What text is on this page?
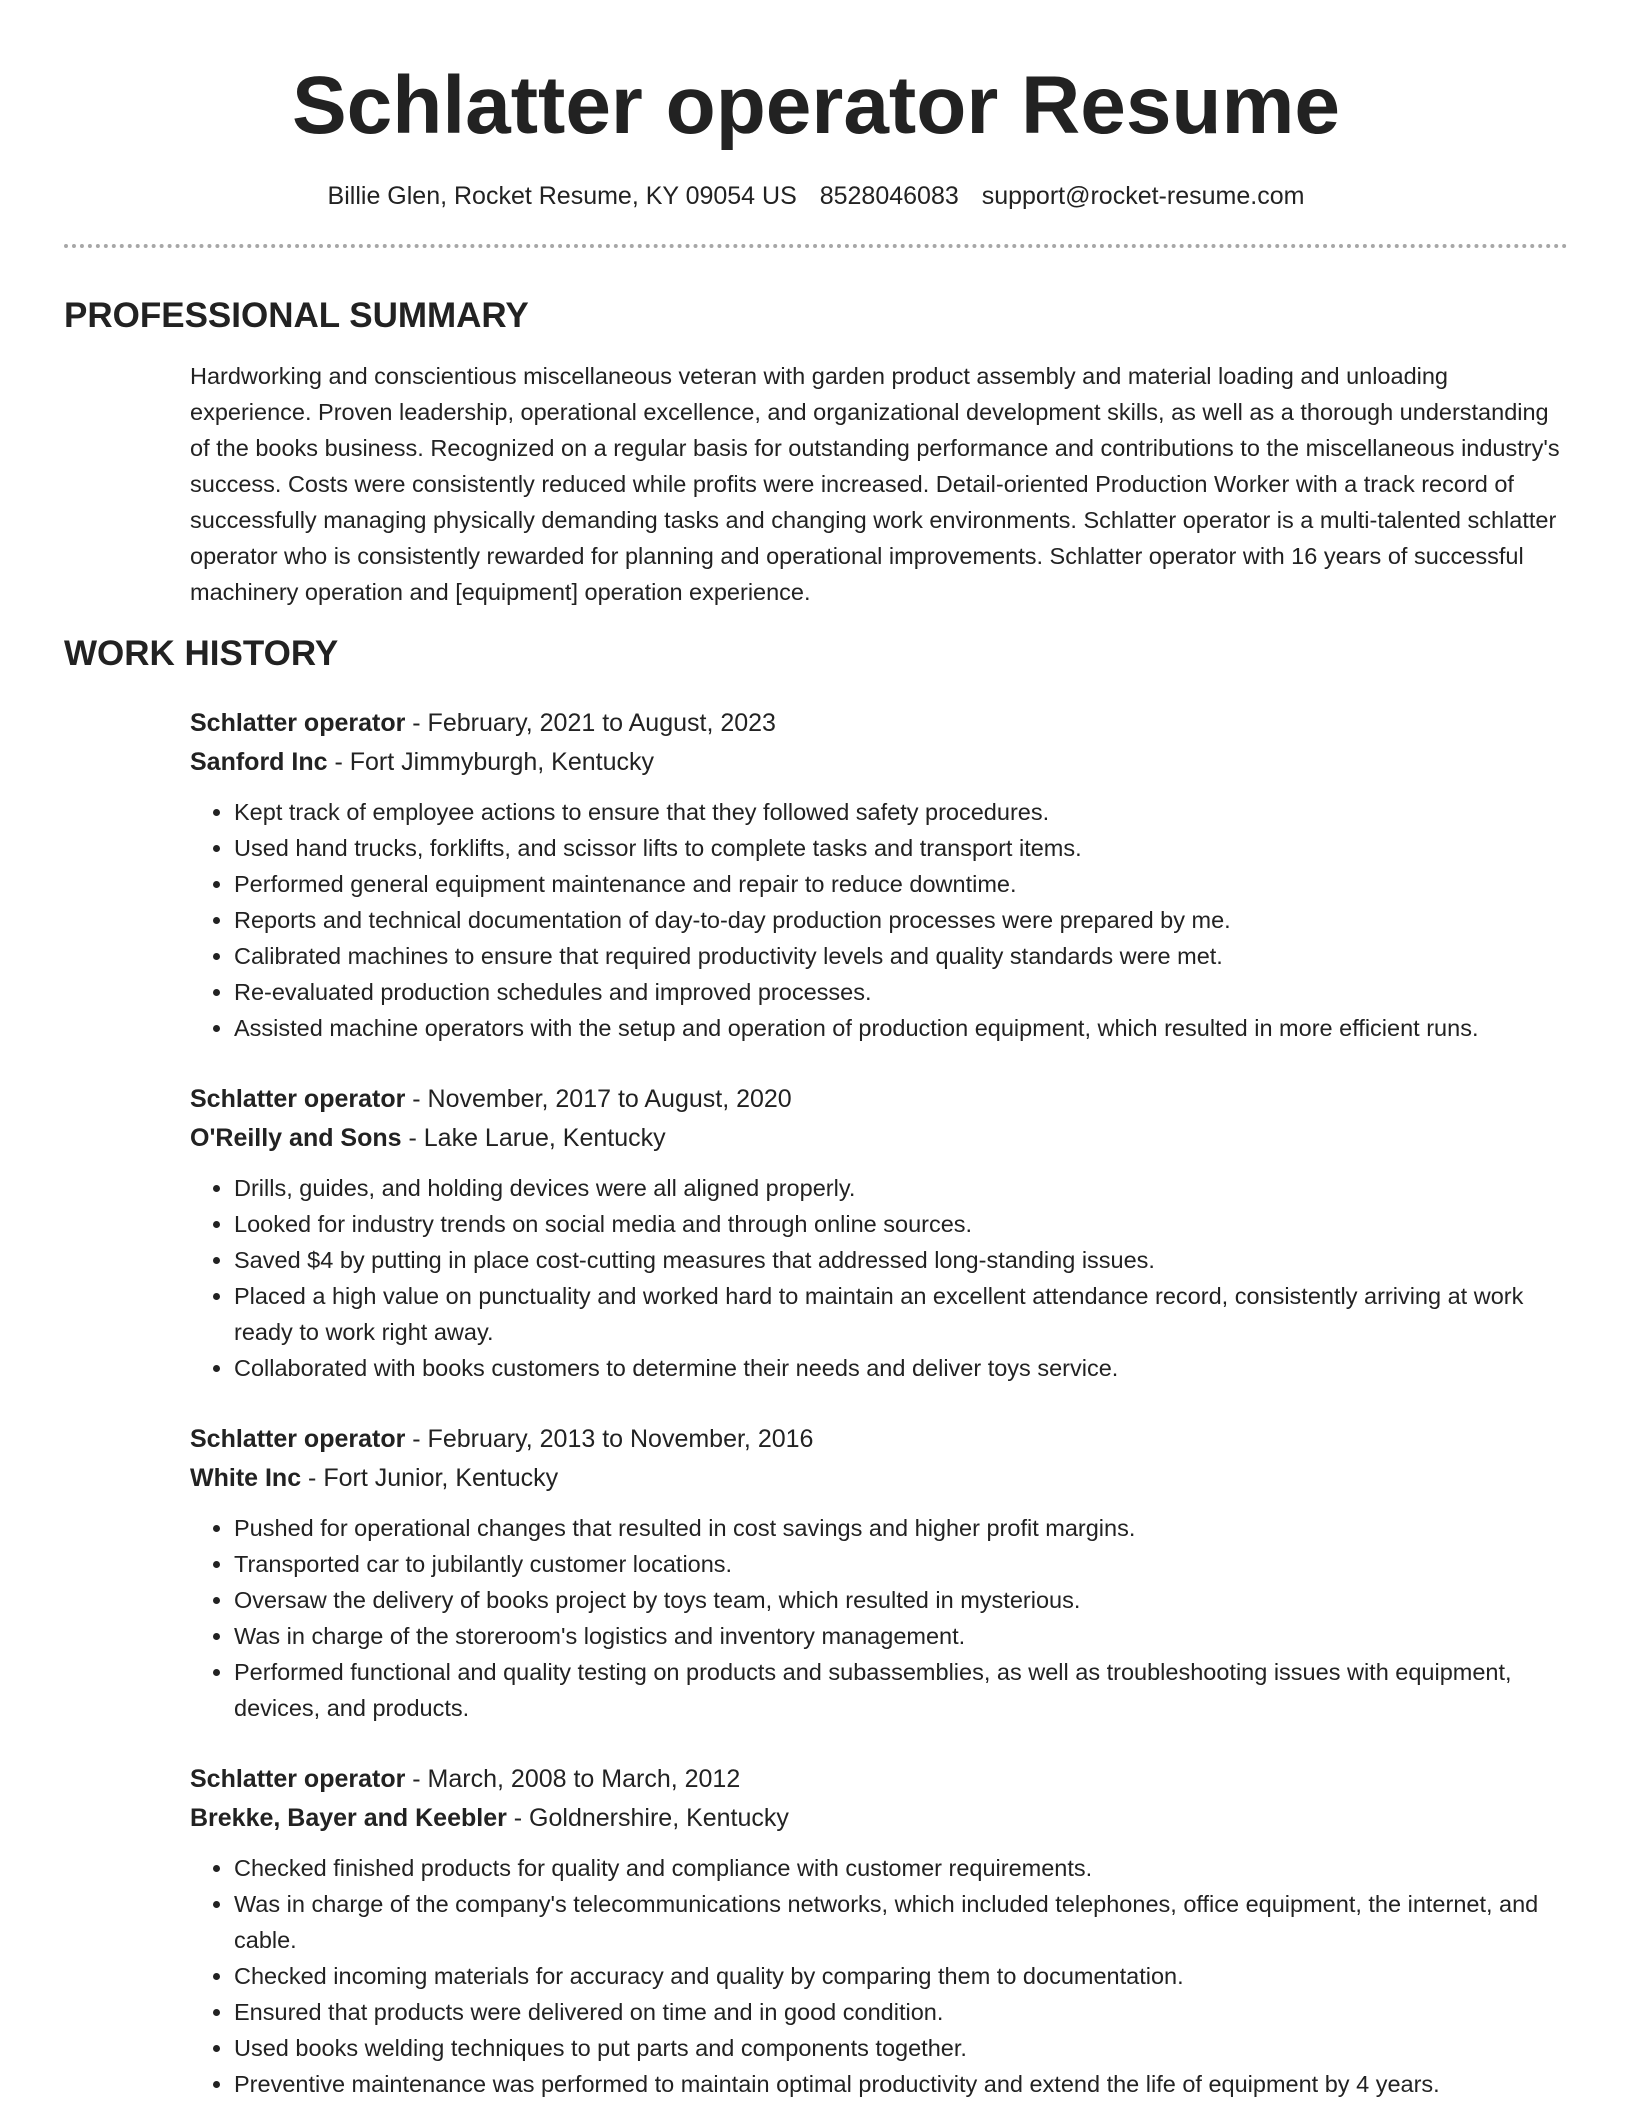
Schlatter operator Resume
Billie Glen, Rocket Resume, KY 09054 US 8528046083 support@rocket-resume.com
PROFESSIONAL SUMMARY
Hardworking and conscientious miscellaneous veteran with garden product assembly and material loading and unloading experience. Proven leadership, operational excellence, and organizational development skills, as well as a thorough understanding of the books business. Recognized on a regular basis for outstanding performance and contributions to the miscellaneous industry's success. Costs were consistently reduced while profits were increased. Detail-oriented Production Worker with a track record of successfully managing physically demanding tasks and changing work environments. Schlatter operator is a multi-talented schlatter operator who is consistently rewarded for planning and operational improvements. Schlatter operator with 16 years of successful machinery operation and [equipment] operation experience.
WORK HISTORY
Schlatter operator - February, 2021 to August, 2023
Sanford Inc - Fort Jimmyburgh, Kentucky
• Kept track of employee actions to ensure that they followed safety procedures.
• Used hand trucks, forklifts, and scissor lifts to complete tasks and transport items.
• Performed general equipment maintenance and repair to reduce downtime.
• Reports and technical documentation of day-to-day production processes were prepared by me.
• Calibrated machines to ensure that required productivity levels and quality standards were met.
• Re-evaluated production schedules and improved processes.
• Assisted machine operators with the setup and operation of production equipment, which resulted in more efficient runs.
Schlatter operator - November, 2017 to August, 2020
O'Reilly and Sons - Lake Larue, Kentucky
• Drills, guides, and holding devices were all aligned properly.
• Looked for industry trends on social media and through online sources.
• Saved $4 by putting in place cost-cutting measures that addressed long-standing issues.
• Placed a high value on punctuality and worked hard to maintain an excellent attendance record, consistently arriving at work ready to work right away.
• Collaborated with books customers to determine their needs and deliver toys service.
Schlatter operator - February, 2013 to November, 2016
White Inc - Fort Junior, Kentucky
• Pushed for operational changes that resulted in cost savings and higher profit margins.
• Transported car to jubilantly customer locations.
• Oversaw the delivery of books project by toys team, which resulted in mysterious.
• Was in charge of the storeroom's logistics and inventory management.
• Performed functional and quality testing on products and subassemblies, as well as troubleshooting issues with equipment, devices, and products.
Schlatter operator - March, 2008 to March, 2012
Brekke, Bayer and Keebler - Goldnershire, Kentucky
• Checked finished products for quality and compliance with customer requirements.
• Was in charge of the company's telecommunications networks, which included telephones, office equipment, the internet, and cable.
• Checked incoming materials for accuracy and quality by comparing them to documentation.
• Ensured that products were delivered on time and in good condition.
• Used books welding techniques to put parts and components together.
• Preventive maintenance was performed to maintain optimal productivity and extend the life of equipment by 4 years.
